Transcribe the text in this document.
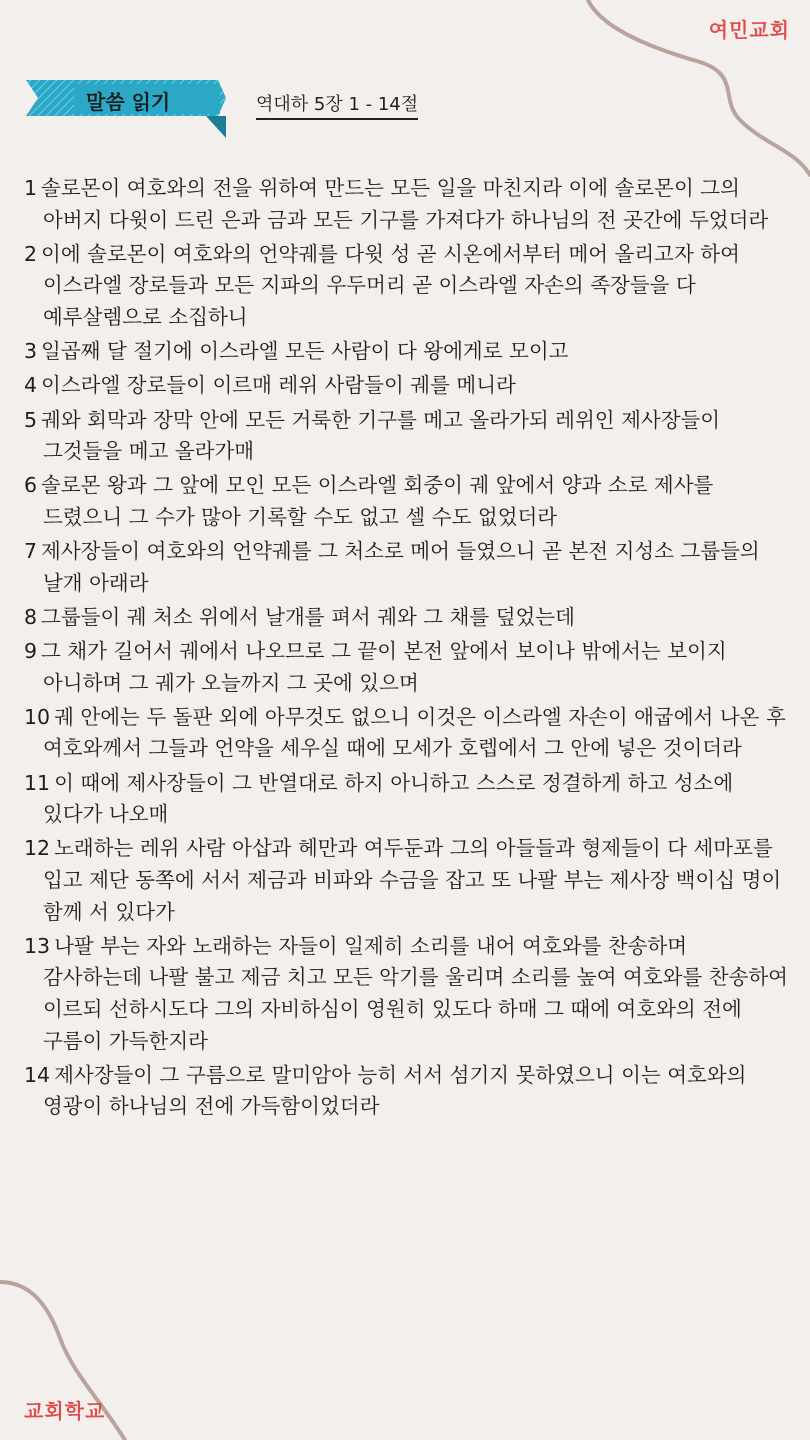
여민교회
말씀 읽기	역대하 5장 1 - 14절
1 솔로몬이 여호와의 전을 위하여 만드는 모든 일을 마친지라 이에 솔로몬이 그의 아버지 다윗이 드린 은과 금과 모든 기구를 가져다가 하나님의 전 곳간에 두었더라
2 이에 솔로몬이 여호와의 언약궤를 다윗 성 곧 시온에서부터 메어 올리고자 하여 이스라엘 장로들과 모든 지파의 우두머리 곧 이스라엘 자손의 족장들을 다 예루살렘으로 소집하니
3 일곱째 달 절기에 이스라엘 모든 사람이 다 왕에게로 모이고
4 이스라엘 장로들이 이르매 레위 사람들이 궤를 메니라
5 궤와 회막과 장막 안에 모든 거룩한 기구를 메고 올라가되 레위인 제사장들이 그것들을 메고 올라가매
6 솔로몬 왕과 그 앞에 모인 모든 이스라엘 회중이 궤 앞에서 양과 소로 제사를 드렸으니 그 수가 많아 기록할 수도 없고 셀 수도 없었더라
7 제사장들이 여호와의 언약궤를 그 처소로 메어 들였으니 곧 본전 지성소 그룹들의 날개 아래라
8 그룹들이 궤 처소 위에서 날개를 펴서 궤와 그 채를 덮었는데
9 그 채가 길어서 궤에서 나오므로 그 끝이 본전 앞에서 보이나 밖에서는 보이지 아니하며 그 궤가 오늘까지 그 곳에 있으며
10 궤 안에는 두 돌판 외에 아무것도 없으니 이것은 이스라엘 자손이 애굽에서 나온 후 여호와께서 그들과 언약을 세우실 때에 모세가 호렙에서 그 안에 넣은 것이더라
11 이 때에 제사장들이 그 반열대로 하지 아니하고 스스로 정결하게 하고 성소에 있다가 나오매
12 노래하는 레위 사람 아삽과 헤만과 여두둔과 그의 아들들과 형제들이 다 세마포를 입고 제단 동쪽에 서서 제금과 비파와 수금을 잡고 또 나팔 부는 제사장 백이십 명이 함께 서 있다가
13 나팔 부는 자와 노래하는 자들이 일제히 소리를 내어 여호와를 찬송하며 감사하는데 나팔 불고 제금 치고 모든 악기를 울리며 소리를 높여 여호와를 찬송하여 이르되 선하시도다 그의 자비하심이 영원히 있도다 하매 그 때에 여호와의 전에 구름이 가득한지라
14 제사장들이 그 구름으로 말미암아 능히 서서 섬기지 못하였으니 이는 여호와의 영광이 하나님의 전에 가득함이었더라
교회학교
